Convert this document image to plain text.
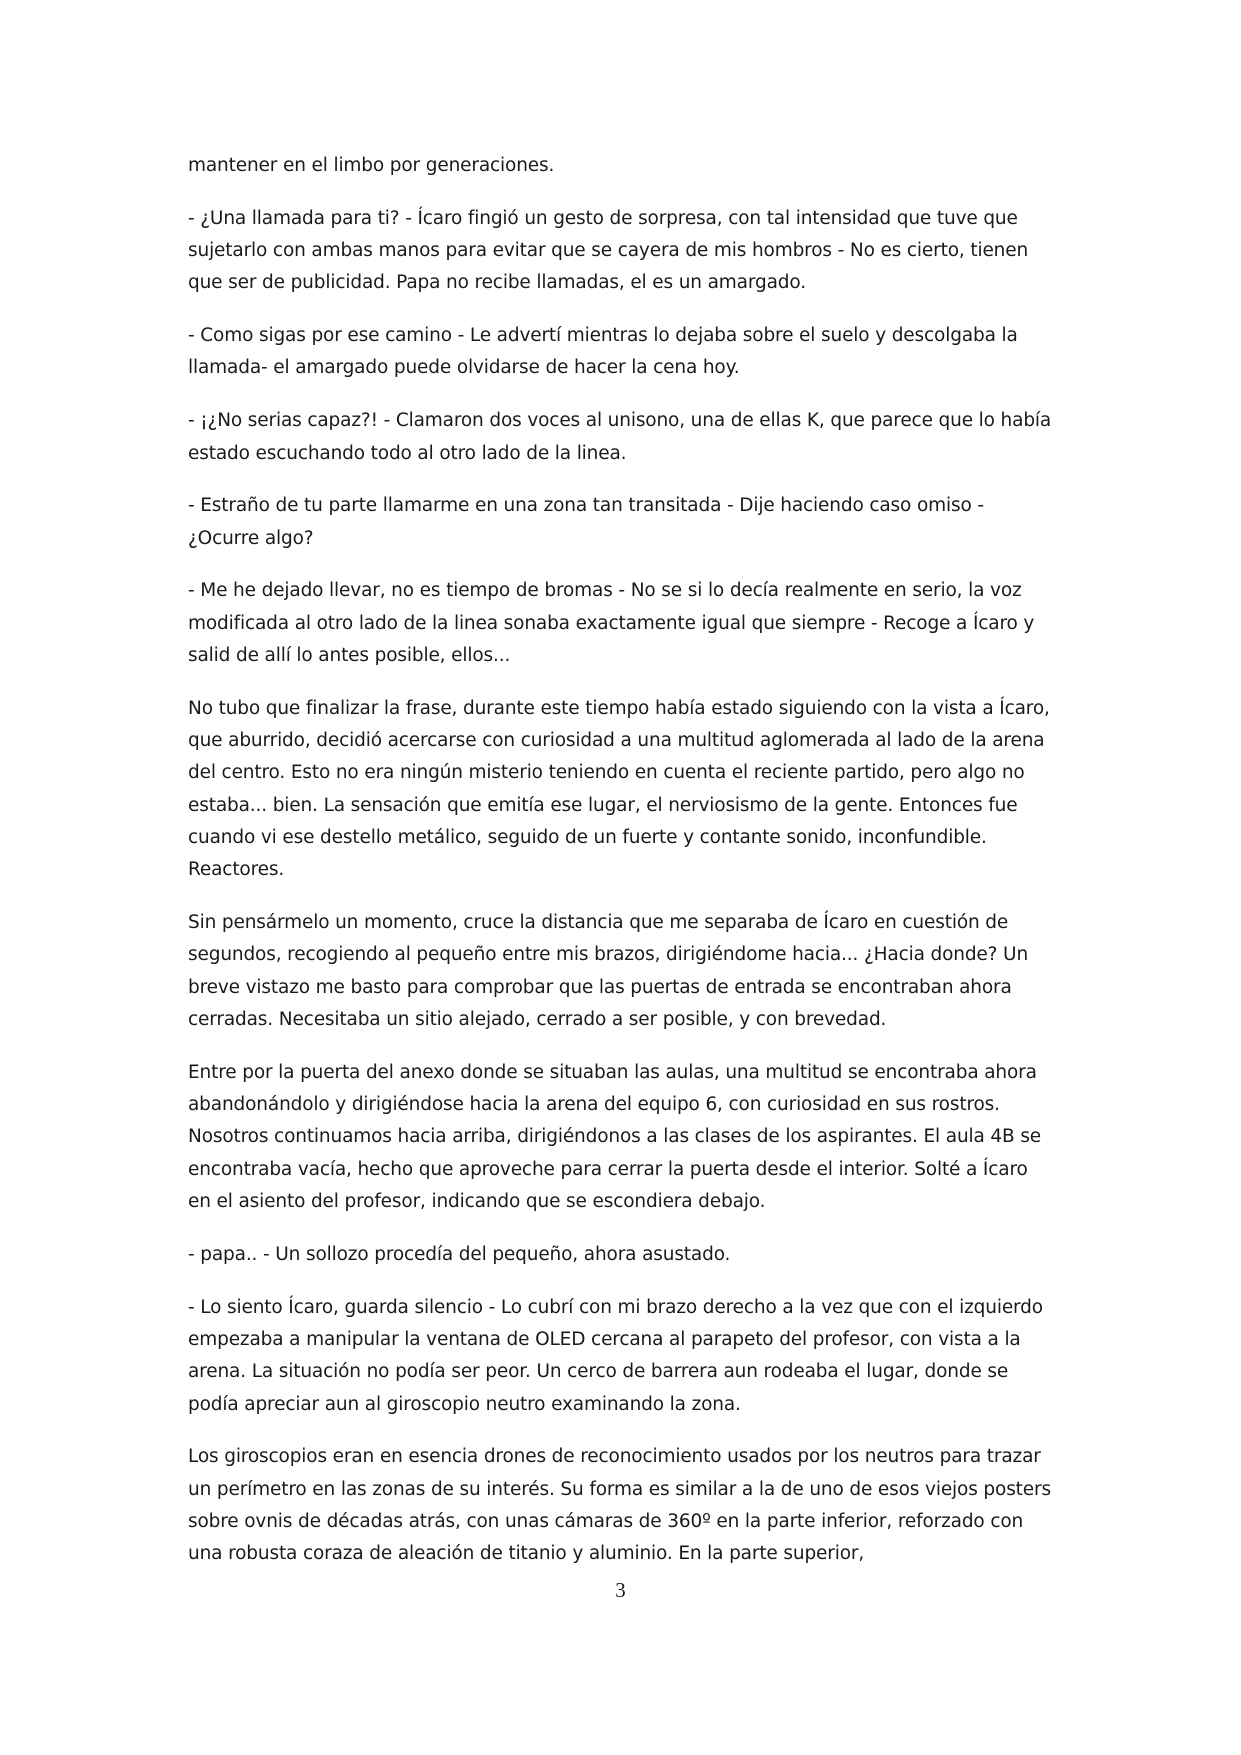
mantener en el limbo por generaciones.

- ¿Una llamada para ti? - Ícaro fingió un gesto de sorpresa, con tal intensidad que tuve que sujetarlo con ambas manos para evitar que se cayera de mis hombros - No es cierto, tienen que ser de publicidad. Papa no recibe llamadas, el es un amargado.

- Como sigas por ese camino - Le advertí mientras lo dejaba sobre el suelo y descolgaba la llamada- el amargado puede olvidarse de hacer la cena hoy.

- ¡¿No serias capaz?! - Clamaron dos voces al unisono, una de ellas K, que parece que lo había estado escuchando todo al otro lado de la linea.

- Estraño de tu parte llamarme en una zona tan transitada - Dije haciendo caso omiso - ¿Ocurre algo?

- Me he dejado llevar, no es tiempo de bromas - No se si lo decía realmente en serio, la voz modificada al otro lado de la linea sonaba exactamente igual que siempre - Recoge a Ícaro y salid de allí lo antes posible, ellos...

No tubo que finalizar la frase, durante este tiempo había estado siguiendo con la vista a Ícaro, que aburrido, decidió acercarse con curiosidad a una multitud aglomerada al lado de la arena del centro. Esto no era ningún misterio teniendo en cuenta el reciente partido, pero algo no estaba... bien. La sensación que emitía ese lugar, el nerviosismo de la gente. Entonces fue cuando vi ese destello metálico, seguido de un fuerte y contante sonido, inconfundible. Reactores.

Sin pensármelo un momento, cruce la distancia que me separaba de Ícaro en cuestión de segundos, recogiendo al pequeño entre mis brazos, dirigiéndome hacia... ¿Hacia donde? Un breve vistazo me basto para comprobar que las puertas de entrada se encontraban ahora cerradas. Necesitaba un sitio alejado, cerrado a ser posible, y con brevedad.

Entre por la puerta del anexo donde se situaban las aulas, una multitud se encontraba ahora abandonándolo y dirigiéndose hacia la arena del equipo 6, con curiosidad en sus rostros. Nosotros continuamos hacia arriba, dirigiéndonos a las clases de los aspirantes. El aula 4B se encontraba vacía, hecho que aproveche para cerrar la puerta desde el interior. Solté a Ícaro en el asiento del profesor, indicando que se escondiera debajo.

- papa.. - Un sollozo procedía del pequeño, ahora asustado.

- Lo siento Ícaro, guarda silencio - Lo cubrí con mi brazo derecho a la vez que con el izquierdo empezaba a manipular la ventana de OLED cercana al parapeto del profesor, con vista a la arena. La situación no podía ser peor. Un cerco de barrera aun rodeaba el lugar, donde se podía apreciar aun al giroscopio neutro examinando la zona.

Los giroscopios eran en esencia drones de reconocimiento usados por los neutros para trazar un perímetro en las zonas de su interés. Su forma es similar a la de uno de esos viejos posters sobre ovnis de décadas atrás, con unas cámaras de 360º en la parte inferior, reforzado con una robusta coraza de aleación de titanio y aluminio. En la parte superior,

3
